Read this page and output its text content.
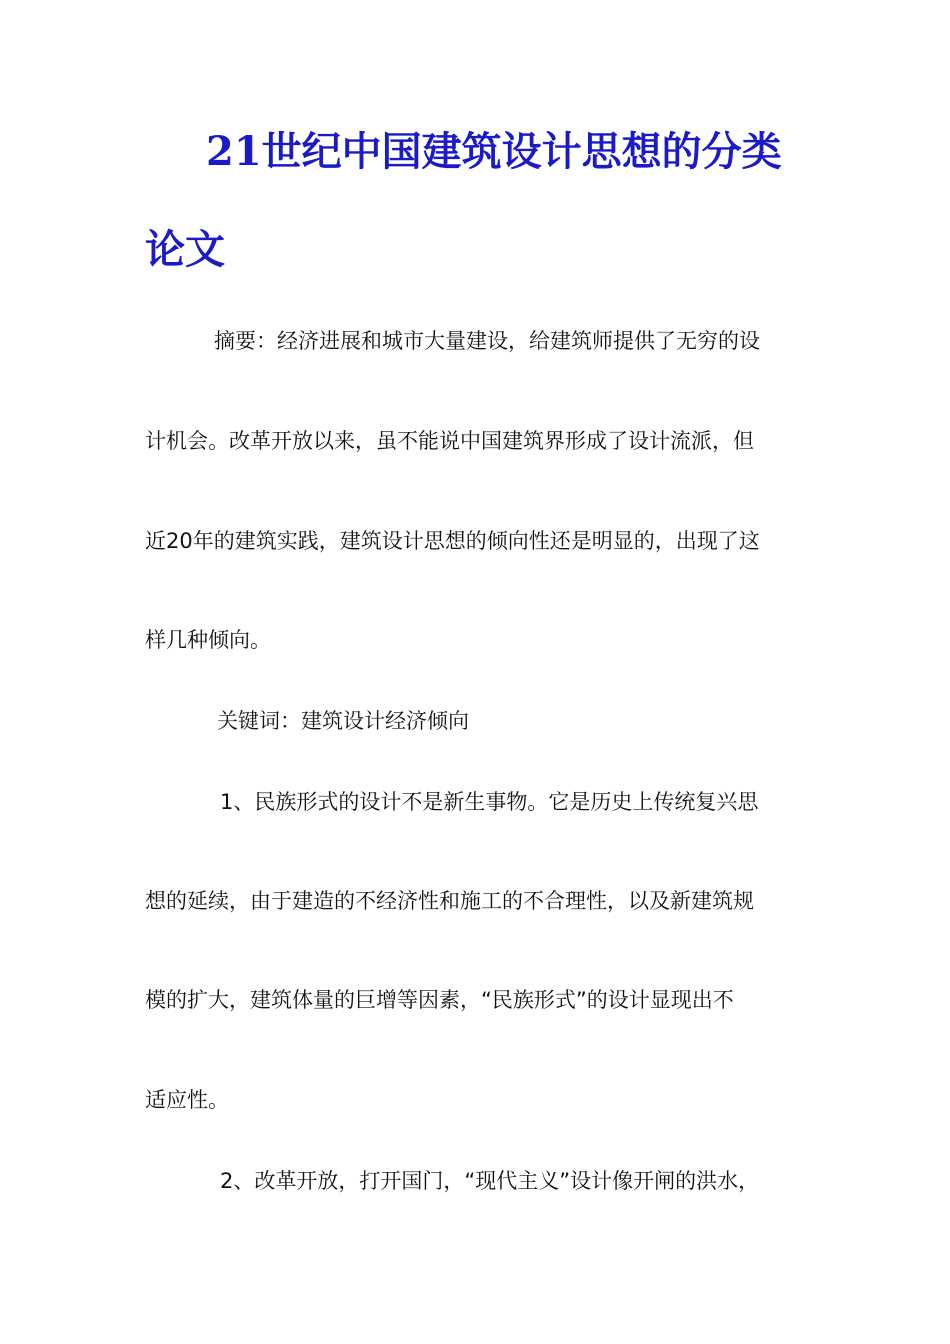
21世纪中国建筑设计思想的分类
论文

摘要：经济进展和城市大量建设，给建筑师提供了无穷的设

计机会。改革开放以来，虽不能说中国建筑界形成了设计流派，但

近20年的建筑实践，建筑设计思想的倾向性还是明显的，出现了这

样几种倾向。

关键词：建筑设计经济倾向

1、民族形式的设计不是新生事物。它是历史上传统复兴思

想的延续，由于建造的不经济性和施工的不合理性，以及新建筑规

模的扩大，建筑体量的巨增等因素，“民族形式”的设计显现出不

适应性。

2、改革开放，打开国门，“现代主义”设计像开闸的洪水，
